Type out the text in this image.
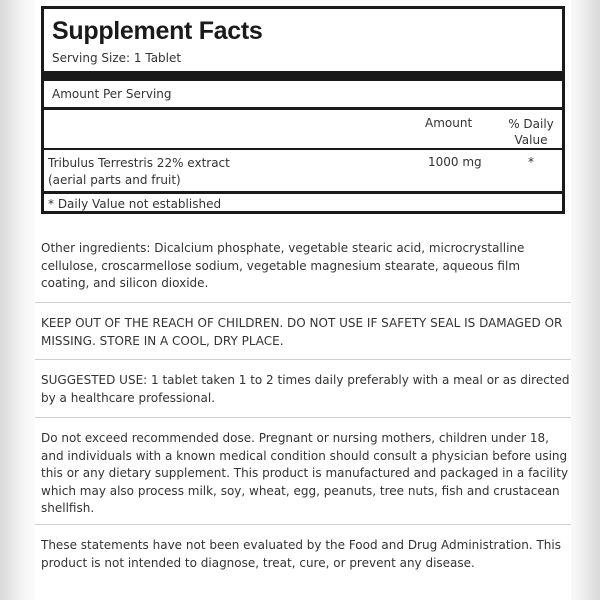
Supplement Facts
Serving Size: 1 Tablet
Amount Per Serving
Amount	% Daily
Value
Tribulus Terrestris 22% extract
(aerial parts and fruit)
1000 mg	*
* Daily Value not established
Other ingredients: Dicalcium phosphate, vegetable stearic acid, microcrystalline cellulose, croscarmellose sodium, vegetable magnesium stearate, aqueous film coating, and silicon dioxide.
KEEP OUT OF THE REACH OF CHILDREN. DO NOT USE IF SAFETY SEAL IS DAMAGED OR MISSING. STORE IN A COOL, DRY PLACE.
SUGGESTED USE: 1 tablet taken 1 to 2 times daily preferably with a meal or as directed by a healthcare professional.
Do not exceed recommended dose. Pregnant or nursing mothers, children under 18, and individuals with a known medical condition should consult a physician before using this or any dietary supplement. This product is manufactured and packaged in a facility which may also process milk, soy, wheat, egg, peanuts, tree nuts, fish and crustacean shellfish.
These statements have not been evaluated by the Food and Drug Administration. This product is not intended to diagnose, treat, cure, or prevent any disease.
